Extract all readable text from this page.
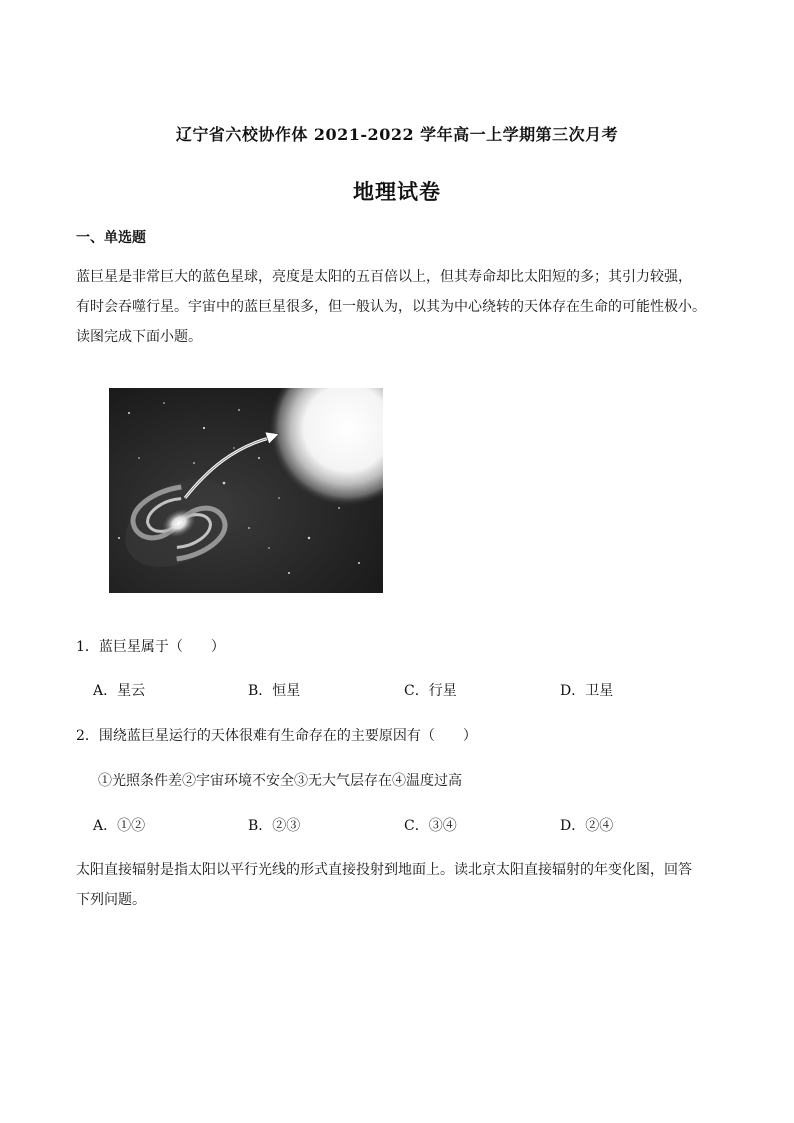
辽宁省六校协作体 2021-2022 学年高一上学期第三次月考
地理试卷
一、单选题
蓝巨星是非常巨大的蓝色星球，亮度是太阳的五百倍以上，但其寿命却比太阳短的多；其引力较强，
有时会吞噬行星。宇宙中的蓝巨星很多，但一般认为，以其为中心绕转的天体存在生命的可能性极小。
读图完成下面小题。
1．蓝巨星属于（　　）
A．星云	B．恒星	C．行星	D．卫星
2．围绕蓝巨星运行的天体很难有生命存在的主要原因有（　　）
①光照条件差②宇宙环境不安全③无大气层存在④温度过高
A．①②	B．②③	C．③④	D．②④
太阳直接辐射是指太阳以平行光线的形式直接投射到地面上。读北京太阳直接辐射的年变化图，回答
下列问题。
